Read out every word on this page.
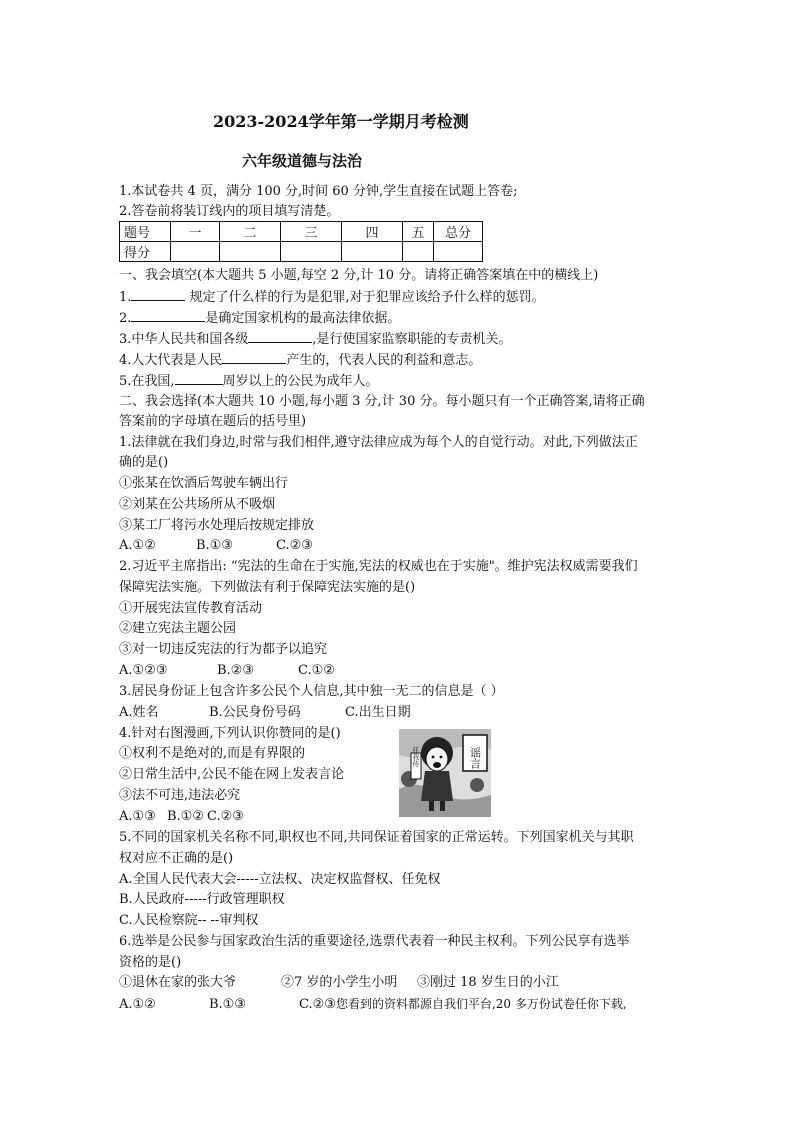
2023-2024学年第一学期月考检测
六年级道德与法治
1.本试卷共 4 页，满分 100 分,时间 60 分钟,学生直接在试题上答卷;
2.答卷前将装订线内的项目填写清楚。
题号	一	二	三	四	五	总分
得分						
一、我会填空(本大题共 5 小题,每空 2 分,计 10 分。请将正确答案填在中的横线上)
1.	规定了什么样的行为是犯罪,对于犯罪应该给予什么样的惩罚。
2.	是确定国家机构的最高法律依据。
3.中华人民共和国各级	,是行使国家监察职能的专责机关。
4.人大代表是人民	产生的，代表人民的利益和意志。
5.在我国,	周岁以上的公民为成年人。
二、我会选择(本大题共 10 小题,每小题 3 分,计 30 分。每小题只有一个正确答案,请将正确
答案前的字母填在题后的括号里)
1.法律就在我们身边,时常与我们相伴,遵守法律应成为每个人的自觉行动。对此,下列做法正
确的是()
①张某在饮酒后驾驶车辆出行
②刘某在公共场所从不吸烟
③某工厂将污水处理后按规定排放
A.①②	B.①③	C.②③
2.习近平主席指出: “宪法的生命在于实施,宪法的权威也在于实施"。维护宪法权威需要我们
保障宪法实施。下列做法有利于保障宪法实施的是()
①开展宪法宣传教育活动
②建立宪法主题公园
③对一切违反宪法的行为都予以追究
A.①②③	B.②③	C.①②
3.居民身份证上包含许多公民个人信息,其中独一无二的信息是（ ）
A.姓名	B.公民身份号码	C.出生日期
4.针对右图漫画,下列认识你赞同的是()
①权利不是绝对的,而是有界限的
②日常生活中,公民不能在网上发表言论
③法不可违,违法必究
A.①③ B.①② C.②③
谣言
任我传
5.不同的国家机关名称不同,职权也不同,共同保证着国家的正常运转。下列国家机关与其职
权对应不正确的是()
A.全国人民代表大会-----立法权、决定权监督权、任免权
B.人民政府-----行政管理职权
C.人民检察院-- --审判权
6.选举是公民参与国家政治生活的重要途径,选票代表着一种民主权利。下列公民享有选举
资格的是()
①退休在家的张大爷	②7 岁的小学生小明 ③刚过 18 岁生日的小江
A.①②	B.①③	C.②③您看到的资料都源自我们平台,20 多万份试卷任你下载,
